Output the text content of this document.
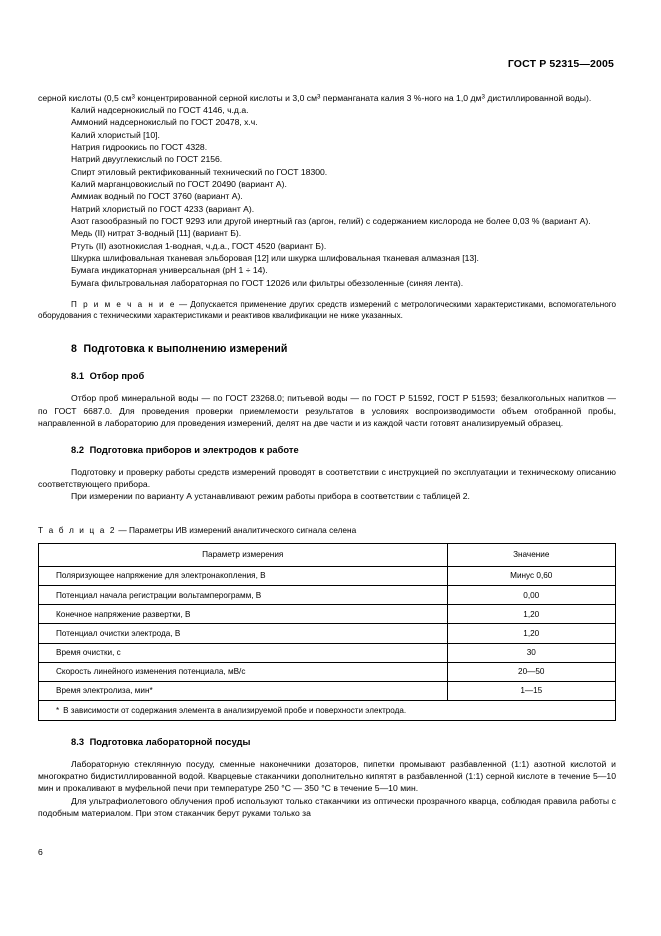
ГОСТ Р 52315—2005

серной кислоты (0,5 $см^3$ концентрированной серной кислоты и 3,0 $см^3$ перманганата калия 3 %-ного на 1,0 $дм^3$ дистиллированной воды).

Калий надсернокислый по ГОСТ 4146, ч.д.а.

Аммоний надсернокислый по ГОСТ 20478, х.ч.

Калий хлористый [10].

Натрия гидроокись по ГОСТ 4328.

Натрий двууглекислый по ГОСТ 2156.

Спирт этиловый ректификованный технический по ГОСТ 18300.

Калий марганцовокислый по ГОСТ 20490 (вариант А).

Аммиак водный по ГОСТ 3760 (вариант А).

Натрий хлористый по ГОСТ 4233 (вариант А).

Азот газообразный по ГОСТ 9293 или другой инертный газ (аргон, гелий) с содержанием кислорода не более 0,03 % (вариант А).

Медь (II) нитрат 3-водный [11] (вариант Б).

Ртуть (II) азотнокислая 1-водная, ч.д.а., ГОСТ 4520 (вариант Б).

Шкурка шлифовальная тканевая эльборовая [12] или шкурка шлифовальная тканевая алмазная [13].

Бумага индикаторная универсальная (pH 1 ÷ 14).

Бумага фильтровальная лабораторная по ГОСТ 12026 или фильтры обеззоленные (синяя лента).

П р и м е ч а н и е — Допускается применение других средств измерений с метрологическими характеристиками, вспомогательного оборудования с техническими характеристиками и реактивов квалификации не ниже указанных.

8 Подготовка к выполнению измерений
8.1 Отбор проб

Отбор проб минеральной воды — по ГОСТ 23268.0; питьевой воды — по ГОСТ Р 51592, ГОСТ Р 51593; безалкогольных напитков — по ГОСТ 6687.0. Для проведения проверки приемлемости результатов в условиях воспроизводимости объем отобранной пробы, направленной в лабораторию для проведения измерений, делят на две части и из каждой части готовят анализируемый образец.

8.2 Подготовка приборов и электродов к работе

Подготовку и проверку работы средств измерений проводят в соответствии с инструкцией по эксплуатации и техническому описанию соответствующего прибора.

При измерении по варианту А устанавливают режим работы прибора в соответствии с таблицей 2.

Т а б л и ц а 2 — Параметры ИВ измерений аналитического сигнала селена

Параметр измерения	Значение
Поляризующее напряжение для электронакопления, В	Минус 0,60
Потенциал начала регистрации вольтамперограмм, В	0,00
Конечное напряжение развертки, В	1,20
Потенциал очистки электрода, В	1,20
Время очистки, с	30
Скорость линейного изменения потенциала, мВ/с	20—50
Время электролиза, мин*	1—15
* В зависимости от содержания элемента в анализируемой пробе и поверхности электрода.	
8.3 Подготовка лабораторной посуды

Лабораторную стеклянную посуду, сменные наконечники дозаторов, пипетки промывают разбавленной (1:1) азотной кислотой и многократно бидистиллированной водой. Кварцевые стаканчики дополнительно кипятят в разбавленной (1:1) серной кислоте в течение 5—10 мин и прокаливают в муфельной печи при температуре 250 °С — 350 °С в течение 5—10 мин.

Для ультрафиолетового облучения проб используют только стаканчики из оптически прозрачного кварца, соблюдая правила работы с подобным материалом. При этом стаканчик берут руками только за

6
